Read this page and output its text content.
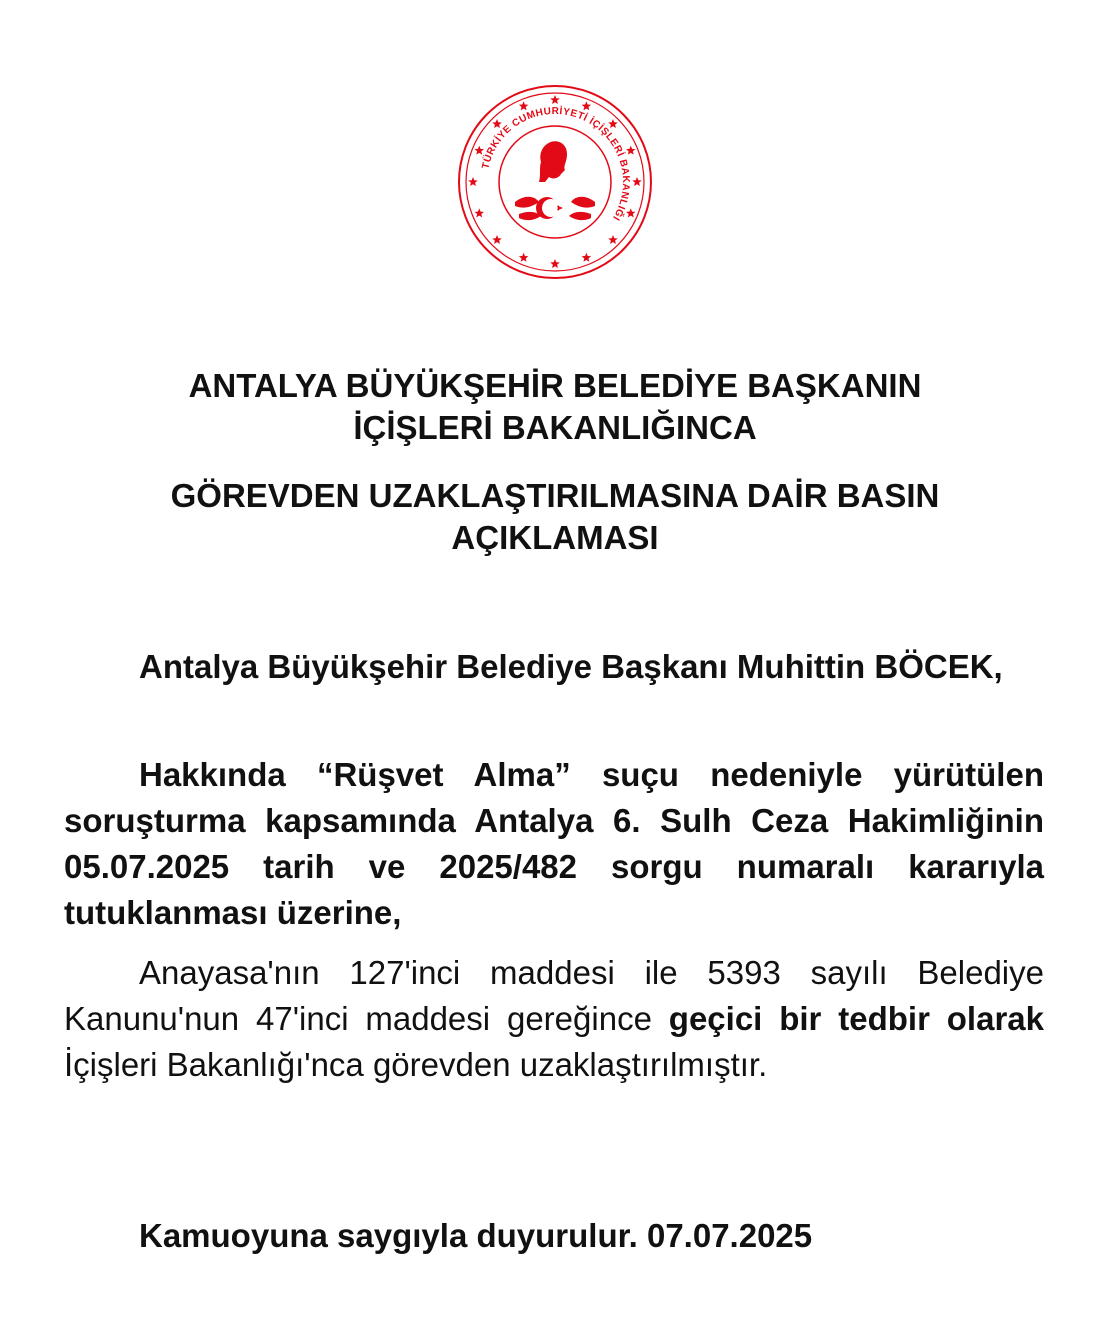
TÜRKİYE CUMHURİYETİ İÇİŞLERİ BAKANLIĞI
ANTALYA BÜYÜKŞEHİR BELEDİYE BAŞKANIN
İÇİŞLERİ BAKANLIĞINCA
GÖREVDEN UZAKLAŞTIRILMASINA DAİR BASIN
AÇIKLAMASI

Antalya Büyükşehir Belediye Başkanı Muhittin BÖCEK,

Hakkında “Rüşvet Alma” suçu nedeniyle yürütülen soruşturma kapsamında Antalya 6. Sulh Ceza Hakimliğinin 05.07.2025 tarih ve 2025/482 sorgu numaralı kararıyla tutuklanması üzerine,

Anayasa'nın 127'inci maddesi ile 5393 sayılı Belediye Kanunu'nun 47'inci maddesi gereğince geçici bir tedbir olarak İçişleri Bakanlığı'nca görevden uzaklaştırılmıştır.

Kamuoyuna saygıyla duyurulur. 07.07.2025
